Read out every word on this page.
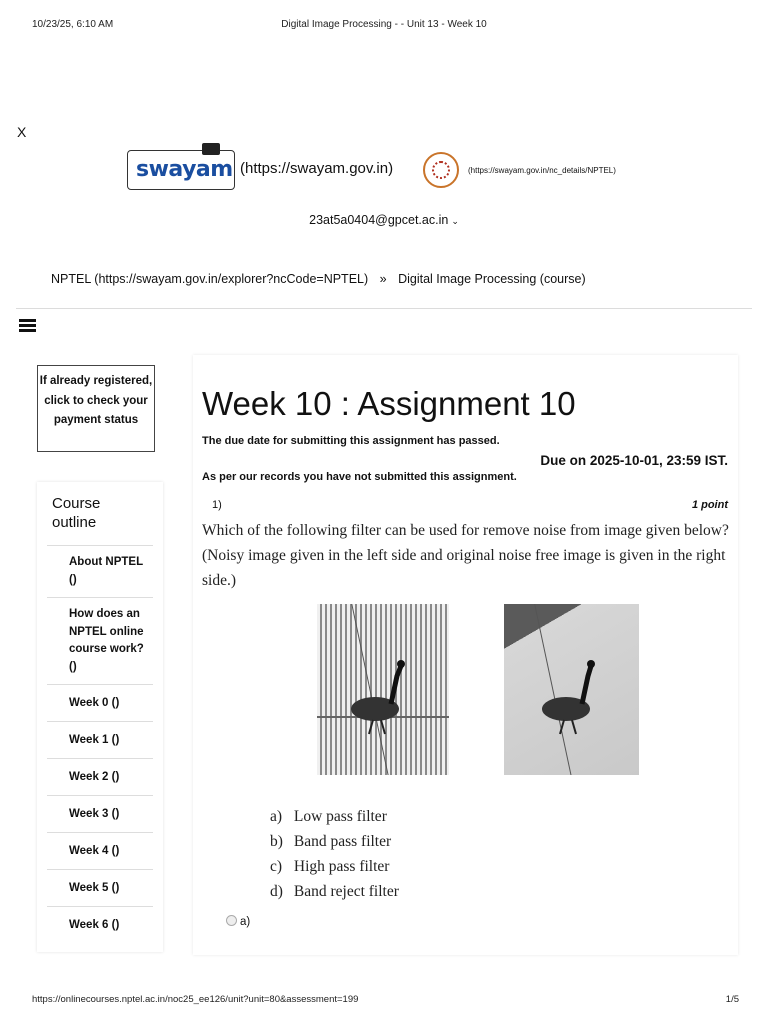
10/23/25, 6:10 AM	Digital Image Processing - - Unit 13 - Week 10
X
swayam (https://swayam.gov.in)	(https://swayam.gov.in/nc_details/NPTEL)
23at5a0404@gpcet.ac.in ⌄
NPTEL (https://swayam.gov.in/explorer?ncCode=NPTEL) » Digital Image Processing (course)
If already registered, click to check your payment status
Course outline
About NPTEL ()
How does an NPTEL online course work? ()
Week 0 ()
Week 1 ()
Week 2 ()
Week 3 ()
Week 4 ()
Week 5 ()
Week 6 ()
Week 10 : Assignment 10
The due date for submitting this assignment has passed.
Due on 2025-10-01, 23:59 IST.
As per our records you have not submitted this assignment.
1)	1 point
Which of the following filter can be used for remove noise from image given below? (Noisy image given in the left side and original noise free image is given in the right side.)
a) Low pass filter
b) Band pass filter
c) High pass filter
d) Band reject filter
a)
https://onlinecourses.nptel.ac.in/noc25_ee126/unit?unit=80&assessment=199	1/5
